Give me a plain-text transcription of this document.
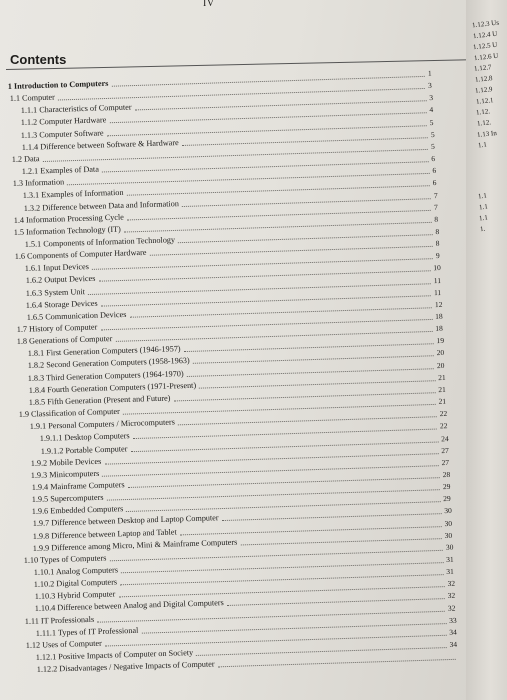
IV
Contents
1 Introduction to Computers
1
1.1 Computer
3
1.1.1 Characteristics of Computer
3
1.1.2 Computer Hardware
4
1.1.3 Computer Software
5
1.1.4 Difference between Software & Hardware
5
1.2 Data
5
1.2.1 Examples of Data
6
1.3 Information
6
1.3.1 Examples of Information
6
1.3.2 Difference between Data and Information
7
1.4 Information Processing Cycle
7
1.5 Information Technology (IT)
8
1.5.1 Components of Information Technology
8
1.6 Components of Computer Hardware
8
1.6.1 Input Devices
9
1.6.2 Output Devices
10
1.6.3 System Unit
11
1.6.4 Storage Devices
11
1.6.5 Communication Devices
12
1.7 History of Computer
18
1.8 Generations of Computer
18
1.8.1 First Generation Computers (1946-1957)
19
1.8.2 Second Generation Computers (1958-1963)
20
1.8.3 Third Generation Computers (1964-1970)
20
1.8.4 Fourth Generation Computers (1971-Present)
21
1.8.5 Fifth Generation (Present and Future)
21
1.9 Classification of Computer
21
1.9.1 Personal Computers / Microcomputers
22
1.9.1.1 Desktop Computers
22
1.9.1.2 Portable Computer
24
1.9.2 Mobile Devices
27
1.9.3 Minicomputers
27
1.9.4 Mainframe Computers
28
1.9.5 Supercomputers
29
1.9.6 Embedded Computers
29
1.9.7 Difference between Desktop and Laptop Computer
30
1.9.8 Difference between Laptop and Tablet
30
1.9.9 Difference among Micro, Mini & Mainframe Computers
30
1.10 Types of Computers
30
1.10.1 Analog Computers
31
1.10.2 Digital Computers
31
1.10.3 Hybrid Computer
32
1.10.4 Difference between Analog and Digital Computers
32
1.11 IT Professionals
32
1.11.1 Types of IT Professional
33
1.12 Uses of Computer
34
1.12.1 Positive Impacts of Computer on Society
34
1.12.2 Disadvantages / Negative Impacts of Computer
1.12.3 Us
1.12.4 U
1.12.5 U
1.12.6 U
1.12.7
1.12.8
1.12.9
1.12.1
1.12.
1.12.
1.13 In
1.1
1.1
1.1
1.1
1.
